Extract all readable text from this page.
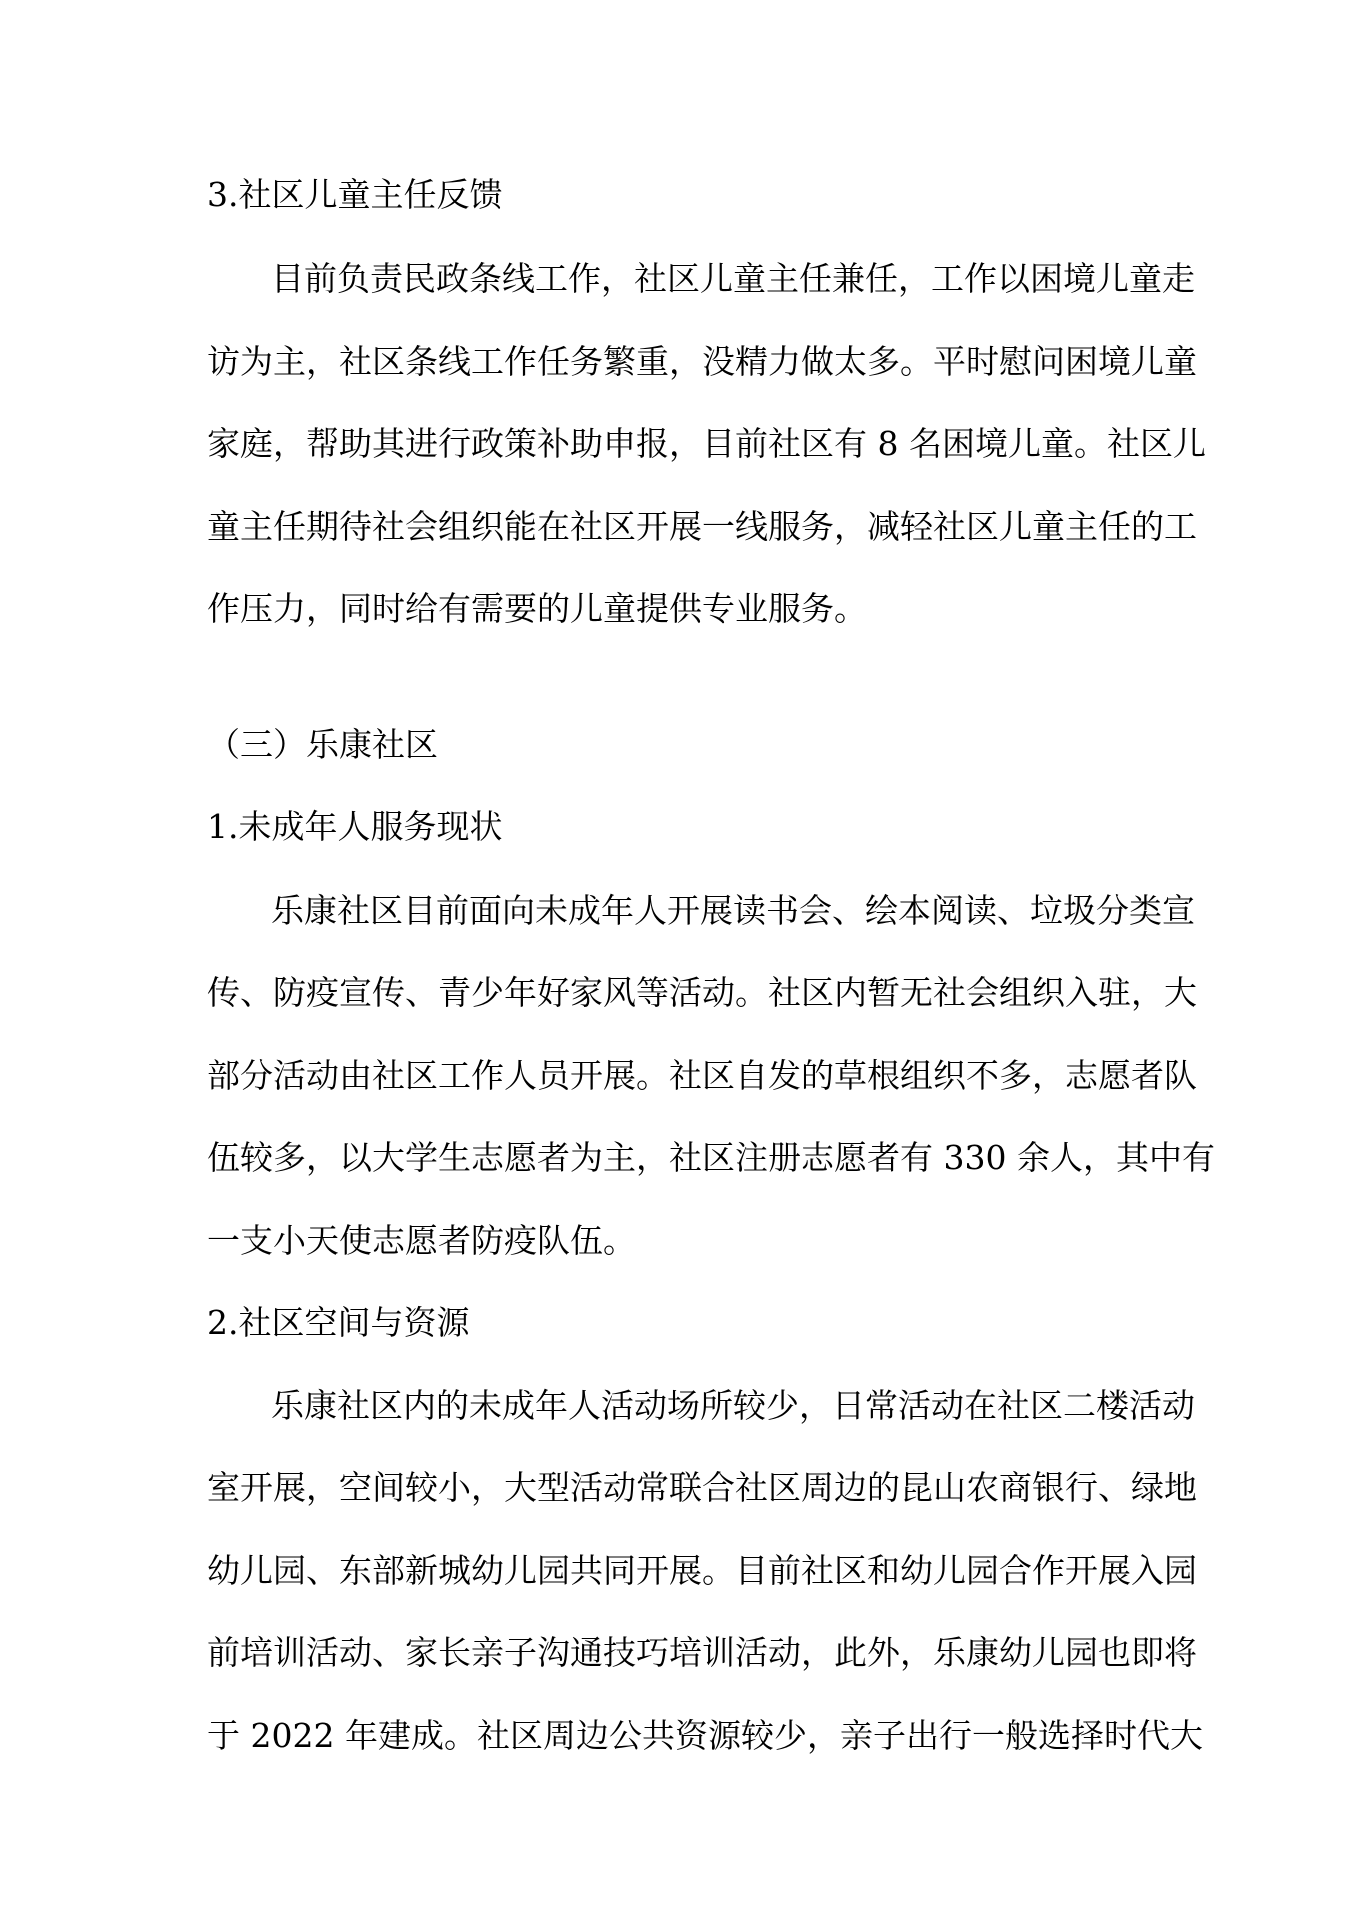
3.社区儿童主任反馈
目前负责民政条线工作，社区儿童主任兼任，工作以困境儿童走
访为主，社区条线工作任务繁重，没精力做太多。平时慰问困境儿童
家庭，帮助其进行政策补助申报，目前社区有 8 名困境儿童。社区儿
童主任期待社会组织能在社区开展一线服务，减轻社区儿童主任的工
作压力，同时给有需要的儿童提供专业服务。
（三）乐康社区
1.未成年人服务现状
乐康社区目前面向未成年人开展读书会、绘本阅读、垃圾分类宣
传、防疫宣传、青少年好家风等活动。社区内暂无社会组织入驻，大
部分活动由社区工作人员开展。社区自发的草根组织不多，志愿者队
伍较多，以大学生志愿者为主，社区注册志愿者有 330 余人，其中有
一支小天使志愿者防疫队伍。
2.社区空间与资源
乐康社区内的未成年人活动场所较少，日常活动在社区二楼活动
室开展，空间较小，大型活动常联合社区周边的昆山农商银行、绿地
幼儿园、东部新城幼儿园共同开展。目前社区和幼儿园合作开展入园
前培训活动、家长亲子沟通技巧培训活动，此外，乐康幼儿园也即将
于 2022 年建成。社区周边公共资源较少，亲子出行一般选择时代大
